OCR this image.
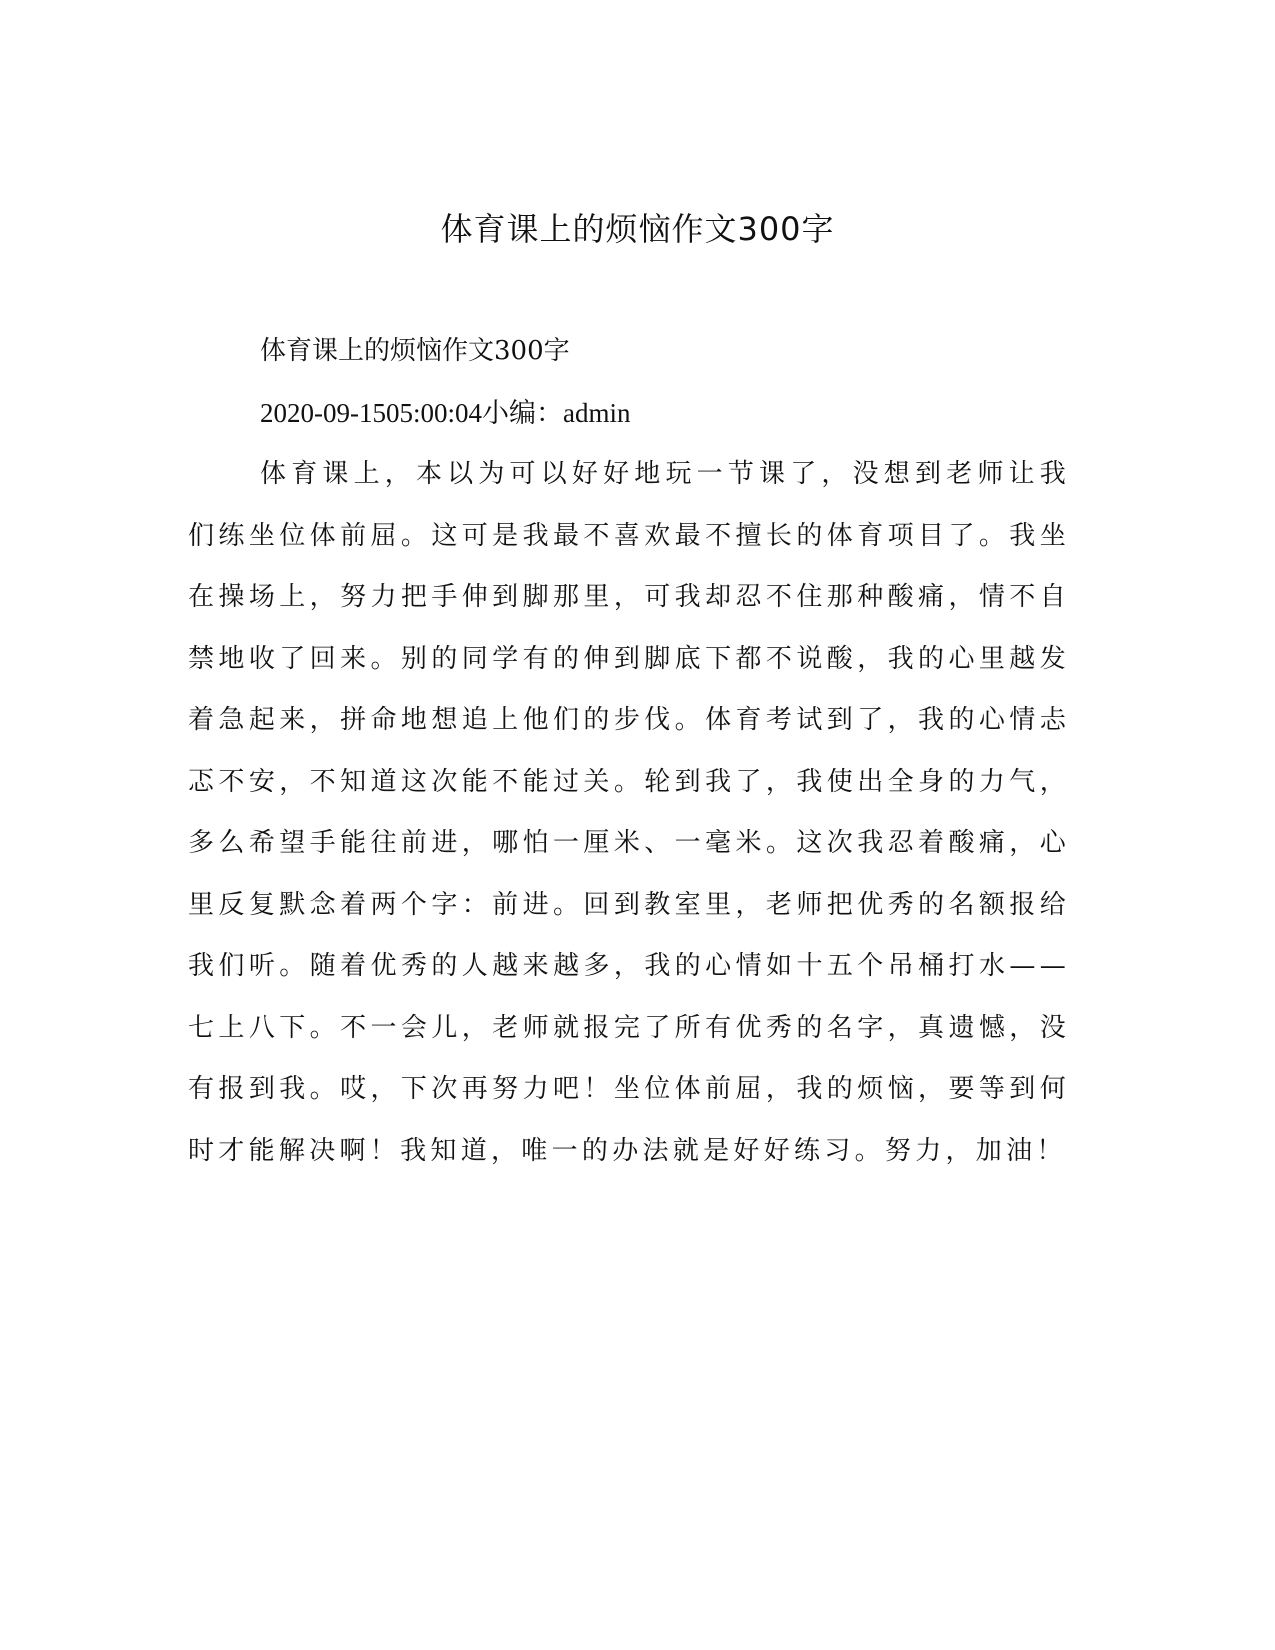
体育课上的烦恼作文300字

体育课上的烦恼作文300字

2020-09-1505:00:04小编：admin

体育课上，本以为可以好好地玩一节课了，没想到老师让我们练坐位体前屈。这可是我最不喜欢最不擅长的体育项目了。我坐在操场上，努力把手伸到脚那里，可我却忍不住那种酸痛，情不自禁地收了回来。别的同学有的伸到脚底下都不说酸，我的心里越发着急起来，拼命地想追上他们的步伐。体育考试到了，我的心情忐忑不安，不知道这次能不能过关。轮到我了，我使出全身的力气，多么希望手能往前进，哪怕一厘米、一毫米。这次我忍着酸痛，心里反复默念着两个字：前进。回到教室里，老师把优秀的名额报给我们听。随着优秀的人越来越多，我的心情如十五个吊桶打水——七上八下。不一会儿，老师就报完了所有优秀的名字，真遗憾，没有报到我。哎，下次再努力吧！坐位体前屈，我的烦恼，要等到何时才能解决啊！我知道，唯一的办法就是好好练习。努力，加油！
